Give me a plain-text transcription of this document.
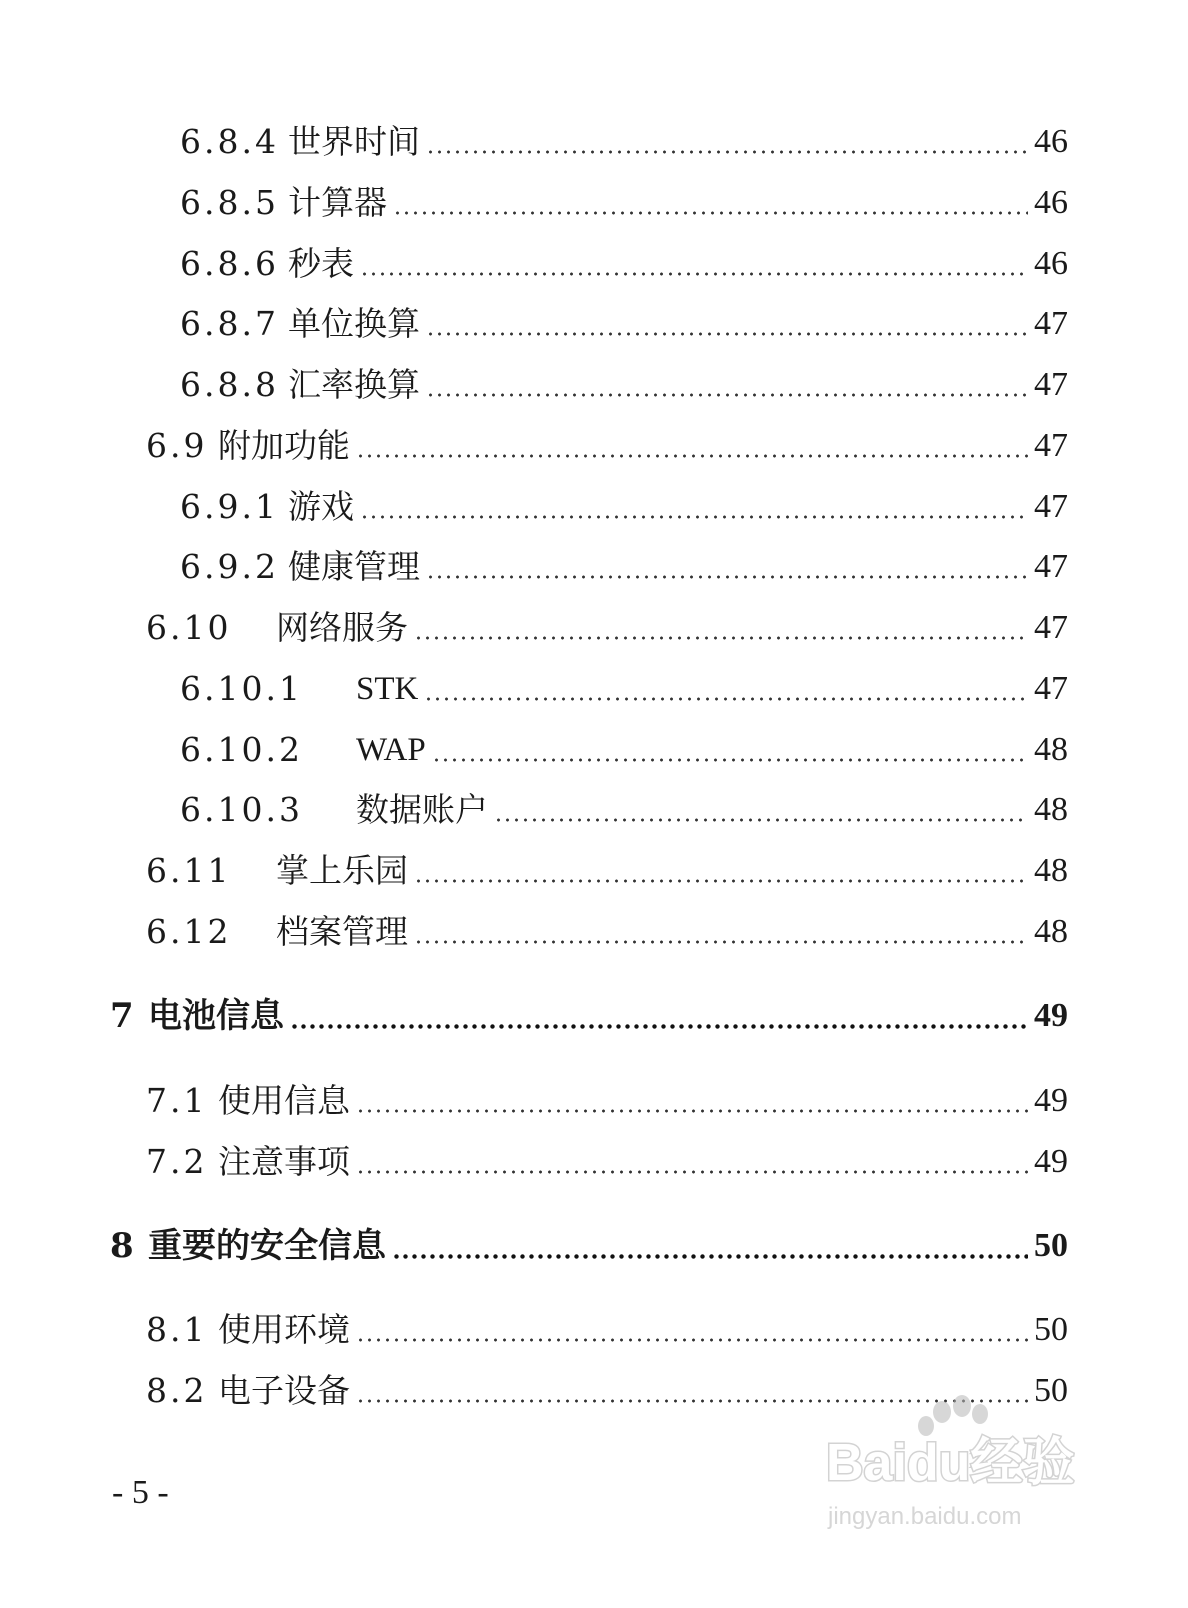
6.8.4 世界时间	46
6.8.5 计算器	46
6.8.6 秒表	46
6.8.7 单位换算	47
6.8.8 汇率换算	47
6.9 附加功能	47
6.9.1 游戏	47
6.9.2 健康管理	47
6.10	网络服务	47
6.10.1	STK	47
6.10.2	WAP	48
6.10.3	数据账户	48
6.11	掌上乐园	48
6.12	档案管理	48
7 电池信息	49
7.1 使用信息	49
7.2 注意事项	49
8 重要的安全信息	50
8.1 使用环境	50
8.2 电子设备	50
- 5 -
Baidu经验
jingyan.baidu.com
